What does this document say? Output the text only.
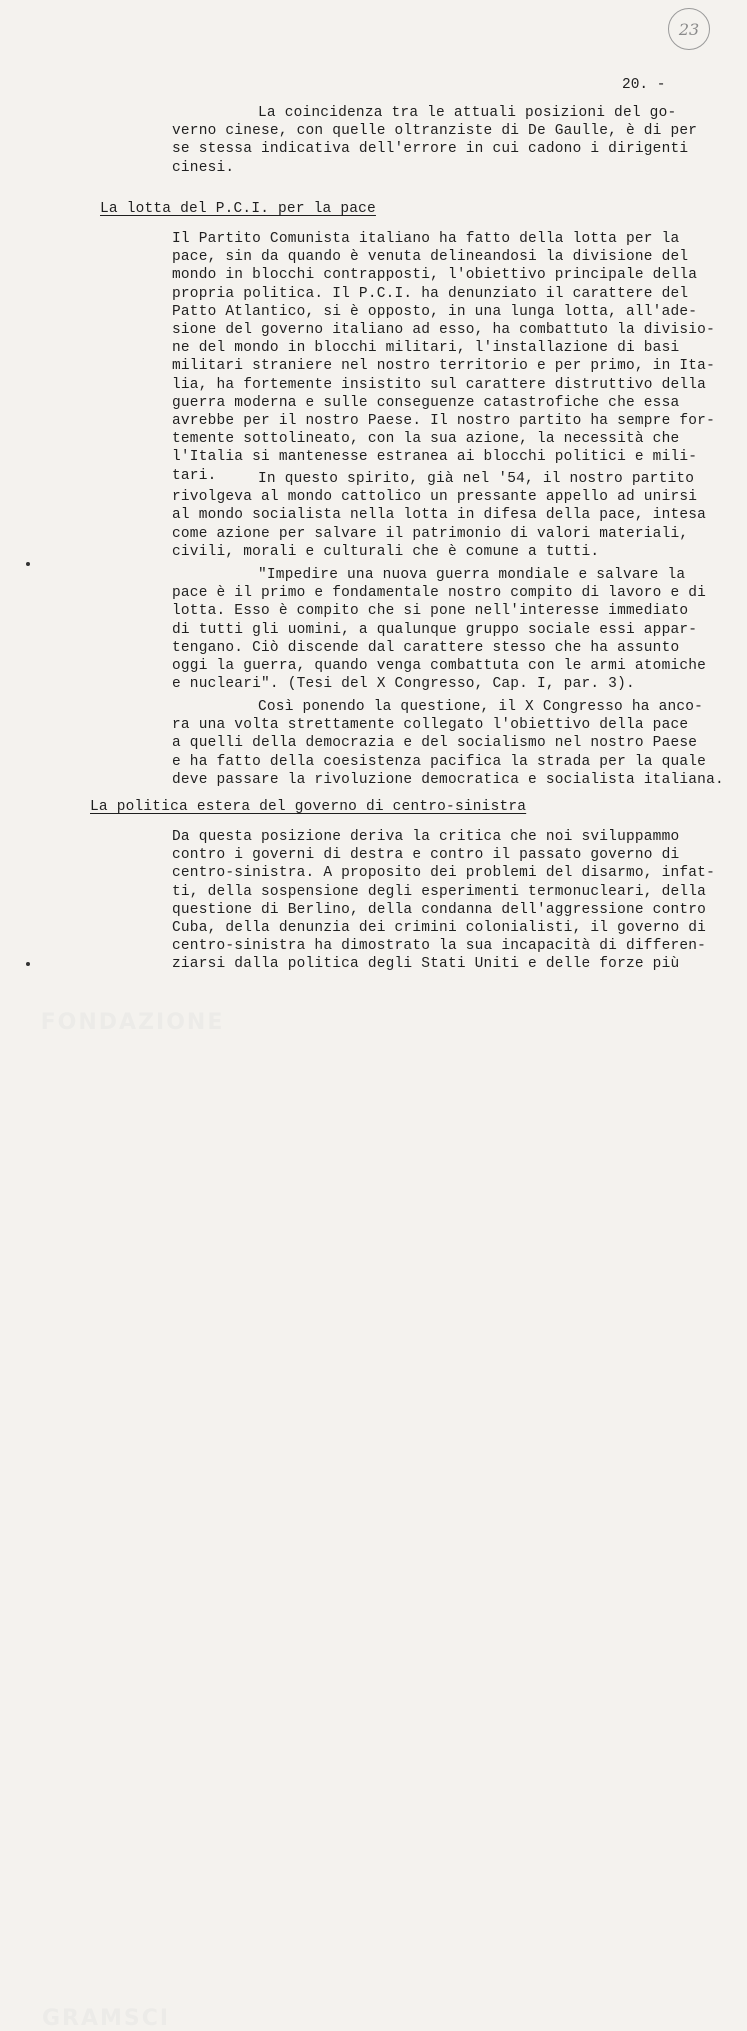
23
20. -
La coincidenza tra le attuali posizioni del go-
verno cinese, con quelle oltranziste di De Gaulle, è di per
se stessa indicativa dell'errore in cui cadono i dirigenti
cinesi.
La lotta del P.C.I. per la pace
Il Partito Comunista italiano ha fatto della lotta per la
pace, sin da quando è venuta delineandosi la divisione del
mondo in blocchi contrapposti, l'obiettivo principale della
propria politica. Il P.C.I. ha denunziato il carattere del
Patto Atlantico, si è opposto, in una lunga lotta, all'ade-
sione del governo italiano ad esso, ha combattuto la divisio-
ne del mondo in blocchi militari, l'installazione di basi
militari straniere nel nostro territorio e per primo, in Ita-
lia, ha fortemente insistito sul carattere distruttivo della
guerra moderna e sulle conseguenze catastrofiche che essa
avrebbe per il nostro Paese. Il nostro partito ha sempre for-
temente sottolineato, con la sua azione, la necessità che
l'Italia si mantenesse estranea ai blocchi politici e mili-
tari.	In questo spirito, già nel '54, il nostro partito
rivolgeva al mondo cattolico un pressante appello ad unirsi
al mondo socialista nella lotta in difesa della pace, intesa
come azione per salvare il patrimonio di valori materiali,
civili, morali e culturali che è comune a tutti.
"Impedire una nuova guerra mondiale e salvare la
pace è il primo e fondamentale nostro compito di lavoro e di
lotta. Esso è compito che si pone nell'interesse immediato
di tutti gli uomini, a qualunque gruppo sociale essi appar-
tengano. Ciò discende dal carattere stesso che ha assunto
oggi la guerra, quando venga combattuta con le armi atomiche
e nucleari". (Tesi del X Congresso, Cap. I, par. 3).
Così ponendo la questione, il X Congresso ha anco-
ra una volta strettamente collegato l'obiettivo della pace
a quelli della democrazia e del socialismo nel nostro Paese
e ha fatto della coesistenza pacifica la strada per la quale
deve passare la rivoluzione democratica e socialista italiana.
La politica estera del governo di centro-sinistra
Da questa posizione deriva la critica che noi sviluppammo
contro i governi di destra e contro il passato governo di
centro-sinistra. A proposito dei problemi del disarmo, infat-
ti, della sospensione degli esperimenti termonucleari, della
questione di Berlino, della condanna dell'aggressione contro
Cuba, della denunzia dei crimini colonialisti, il governo di
centro-sinistra ha dimostrato la sua incapacità di differen-
ziarsi dalla politica degli Stati Uniti e delle forze più

FONDAZIONE

GRAMSCI
